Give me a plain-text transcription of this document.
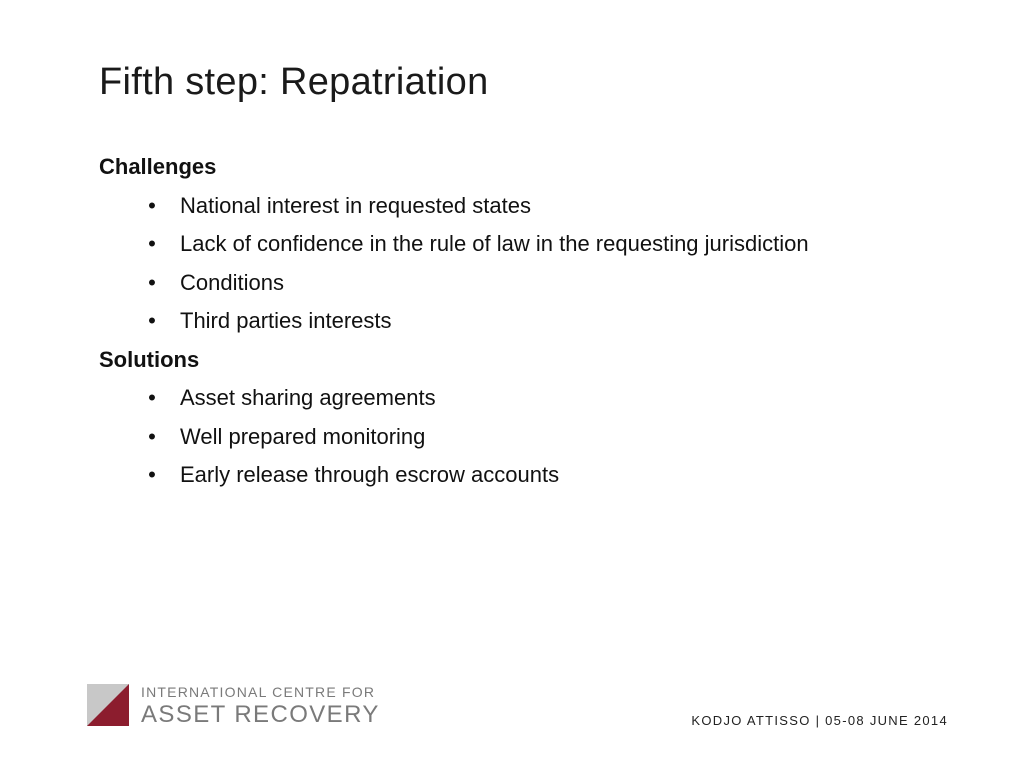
Fifth step: Repatriation
Challenges
• National interest in requested states
• Lack of confidence in the rule of law in the requesting jurisdiction
• Conditions
• Third parties interests
Solutions
• Asset sharing agreements
• Well prepared monitoring
• Early release through escrow accounts
INTERNATIONAL CENTRE FOR
ASSET RECOVERY	KODJO ATTISSO | 05-08 JUNE 2014
